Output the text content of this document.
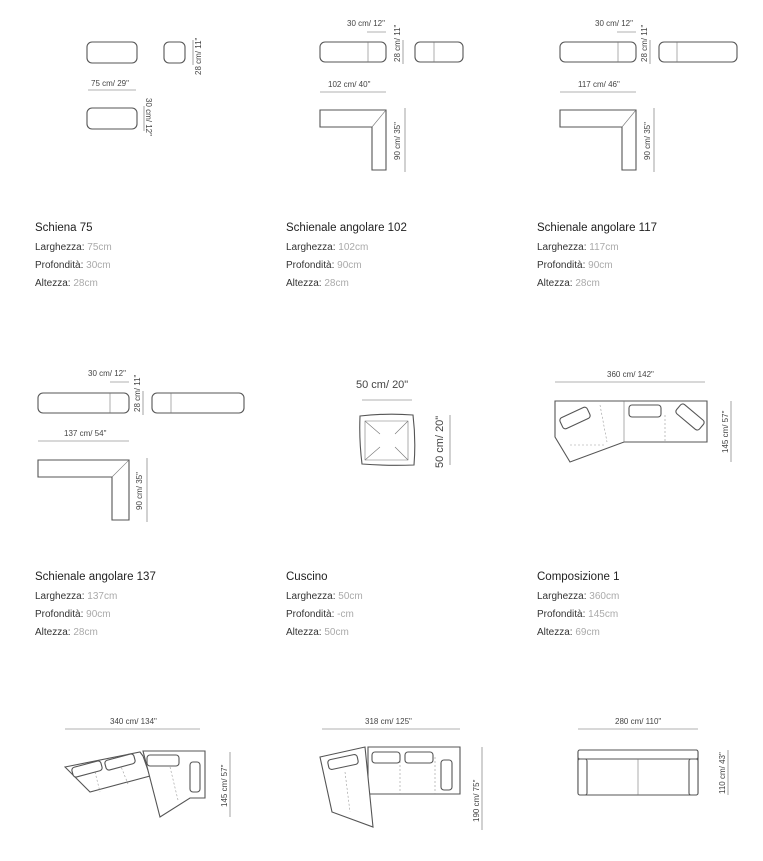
28 cm/ 11"
75 cm/ 29"
30 cm/ 12"
Schiena 75
Larghezza: 75cm
Profondità: 30cm
Altezza: 28cm
30 cm/ 12"
28 cm/ 11"
102 cm/ 40"
90 cm/ 35"
Schienale angolare 102
Larghezza: 102cm
Profondità: 90cm
Altezza: 28cm
30 cm/ 12"
28 cm/ 11"
117 cm/ 46"
90 cm/ 35"
Schienale angolare 117
Larghezza: 117cm
Profondità: 90cm
Altezza: 28cm
30 cm/ 12"
28 cm/ 11"
137 cm/ 54"
90 cm/ 35"
Schienale angolare 137
Larghezza: 137cm
Profondità: 90cm
Altezza: 28cm
50 cm/ 20"
50 cm/ 20"
Cuscino
Larghezza: 50cm
Profondità: -cm
Altezza: 50cm
360 cm/ 142"
145 cm/ 57"
Composizione 1
Larghezza: 360cm
Profondità: 145cm
Altezza: 69cm
340 cm/ 134"
145 cm/ 57"
318 cm/ 125"
190 cm/ 75"
280 cm/ 110"
110 cm/ 43"
